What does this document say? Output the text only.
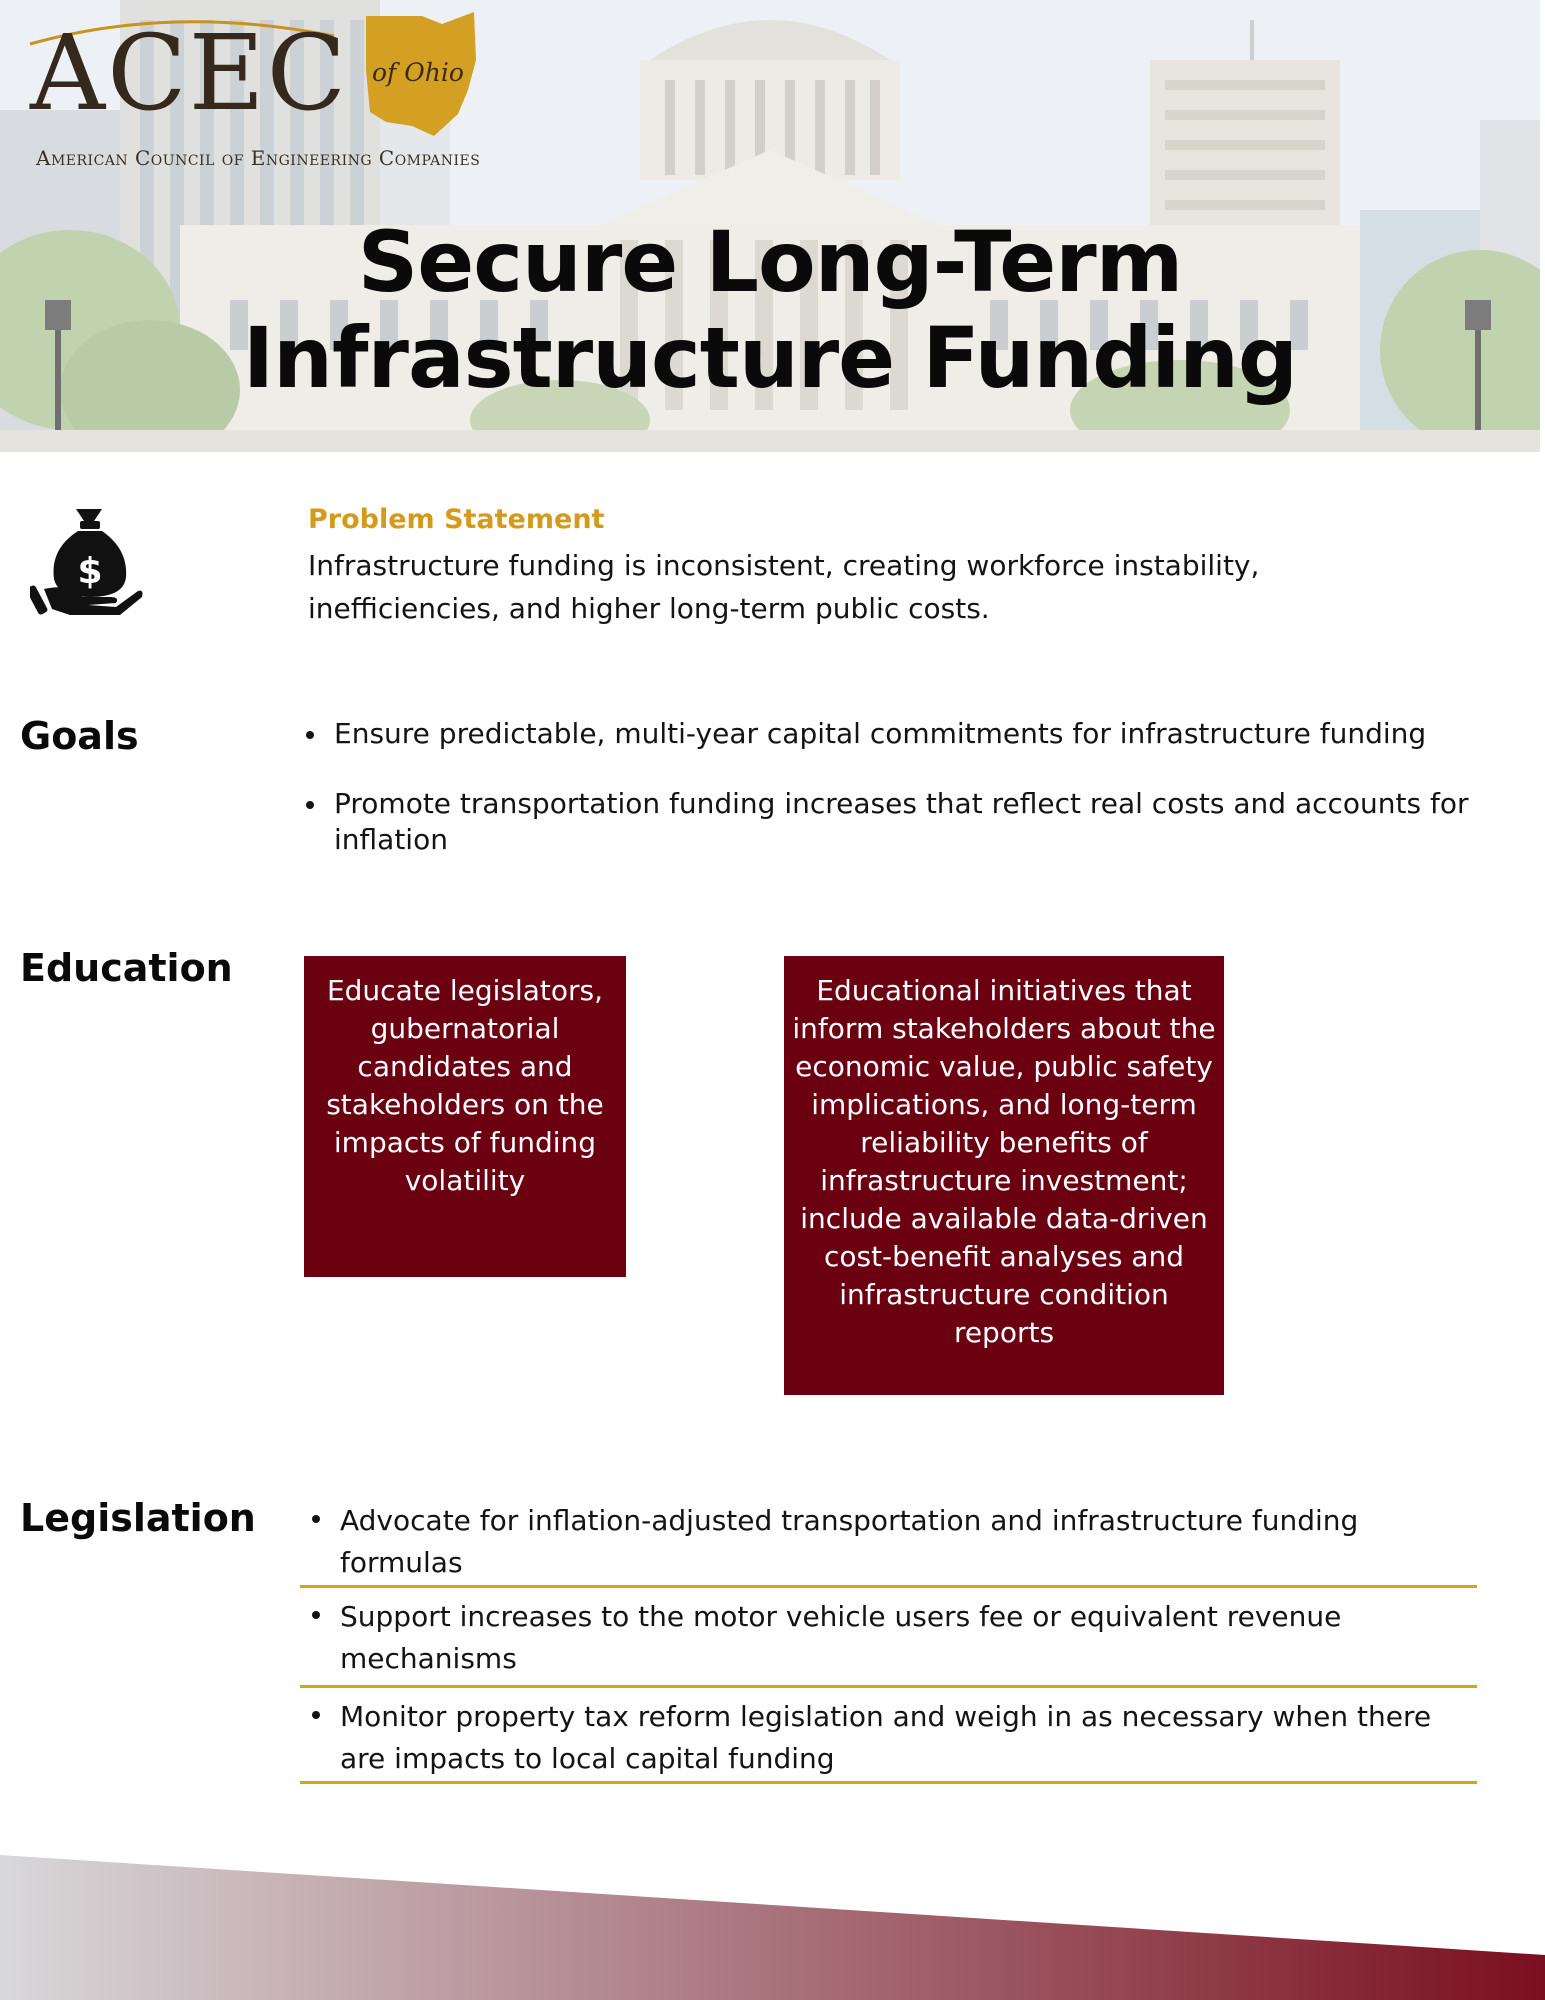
ACEC of Ohio
American Council of Engineering Companies
Secure Long-Term
Infrastructure Funding
$
Problem Statement

Infrastructure funding is inconsistent, creating workforce instability,
inefficiencies, and higher long-term public costs.

Goals	Ensure predictable, multi-year capital commitments for infrastructure funding
Promote transportation funding increases that reflect real costs and accounts for inflation
Education
Educate legislators, gubernatorial candidates and stakeholders on the impacts of funding volatility
Educational initiatives that inform stakeholders about the economic value, public safety implications, and long-term reliability benefits of infrastructure investment; include available data-driven cost-benefit analyses and infrastructure condition reports
Legislation	Advocate for inflation-adjusted transportation and infrastructure funding formulas
Support increases to the motor vehicle users fee or equivalent revenue mechanisms
Monitor property tax reform legislation and weigh in as necessary when there are impacts to local capital funding
